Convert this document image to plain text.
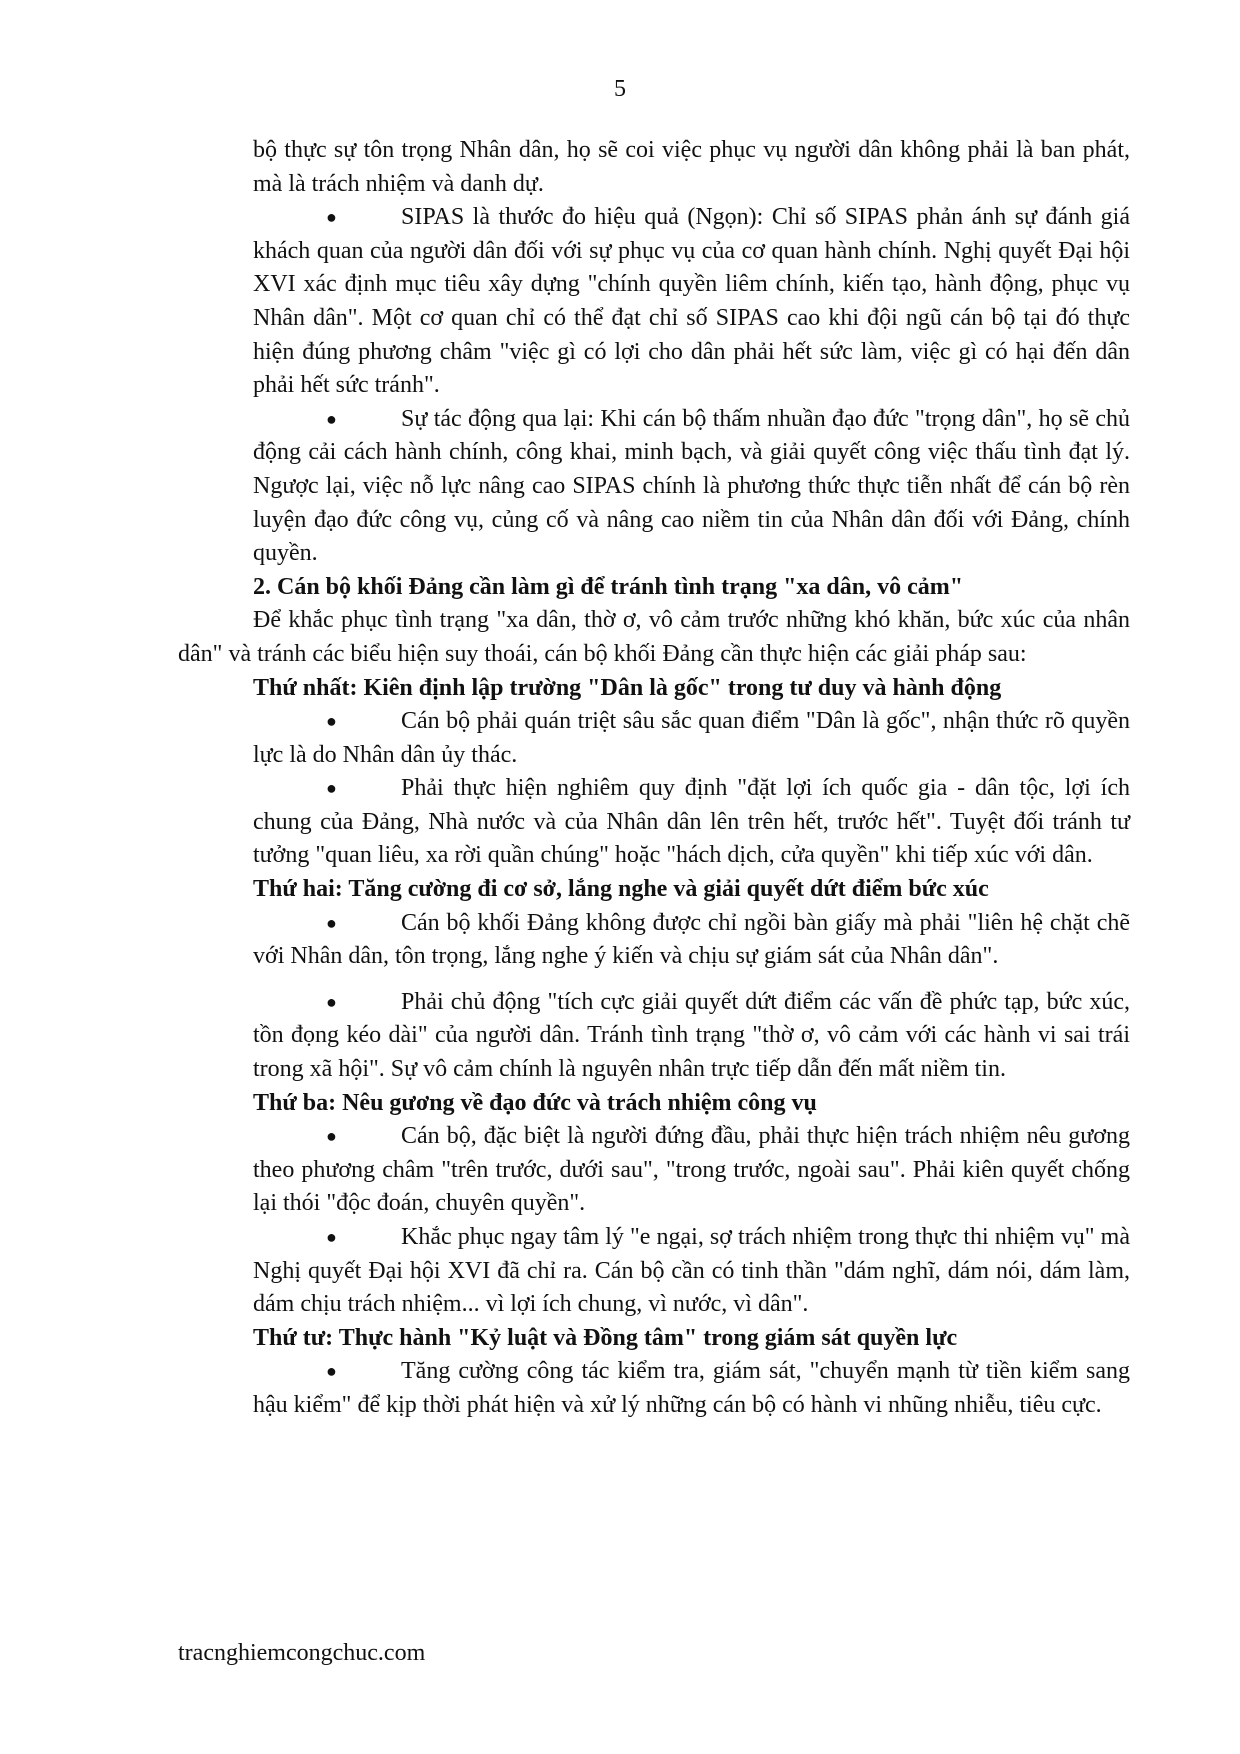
5

bộ thực sự tôn trọng Nhân dân, họ sẽ coi việc phục vụ người dân không phải là ban phát, mà là trách nhiệm và danh dự.

●	SIPAS là thước đo hiệu quả (Ngọn): Chỉ số SIPAS phản ánh sự đánh giá khách quan của người dân đối với sự phục vụ của cơ quan hành chính. Nghị quyết Đại hội XVI xác định mục tiêu xây dựng "chính quyền liêm chính, kiến tạo, hành động, phục vụ Nhân dân". Một cơ quan chỉ có thể đạt chỉ số SIPAS cao khi đội ngũ cán bộ tại đó thực hiện đúng phương châm "việc gì có lợi cho dân phải hết sức làm, việc gì có hại đến dân phải hết sức tránh".
●	Sự tác động qua lại: Khi cán bộ thấm nhuần đạo đức "trọng dân", họ sẽ chủ động cải cách hành chính, công khai, minh bạch, và giải quyết công việc thấu tình đạt lý. Ngược lại, việc nỗ lực nâng cao SIPAS chính là phương thức thực tiễn nhất để cán bộ rèn luyện đạo đức công vụ, củng cố và nâng cao niềm tin của Nhân dân đối với Đảng, chính quyền.

2. Cán bộ khối Đảng cần làm gì để tránh tình trạng "xa dân, vô cảm"

Để khắc phục tình trạng "xa dân, thờ ơ, vô cảm trước những khó khăn, bức xúc của nhân dân" và tránh các biểu hiện suy thoái, cán bộ khối Đảng cần thực hiện các giải pháp sau:

Thứ nhất: Kiên định lập trường "Dân là gốc" trong tư duy và hành động

●	Cán bộ phải quán triệt sâu sắc quan điểm "Dân là gốc", nhận thức rõ quyền lực là do Nhân dân ủy thác.
●	Phải thực hiện nghiêm quy định "đặt lợi ích quốc gia - dân tộc, lợi ích chung của Đảng, Nhà nước và của Nhân dân lên trên hết, trước hết". Tuyệt đối tránh tư tưởng "quan liêu, xa rời quần chúng" hoặc "hách dịch, cửa quyền" khi tiếp xúc với dân.

Thứ hai: Tăng cường đi cơ sở, lắng nghe và giải quyết dứt điểm bức xúc

●	Cán bộ khối Đảng không được chỉ ngồi bàn giấy mà phải "liên hệ chặt chẽ với Nhân dân, tôn trọng, lắng nghe ý kiến và chịu sự giám sát của Nhân dân".
●	Phải chủ động "tích cực giải quyết dứt điểm các vấn đề phức tạp, bức xúc, tồn đọng kéo dài" của người dân. Tránh tình trạng "thờ ơ, vô cảm với các hành vi sai trái trong xã hội". Sự vô cảm chính là nguyên nhân trực tiếp dẫn đến mất niềm tin.

Thứ ba: Nêu gương về đạo đức và trách nhiệm công vụ

●	Cán bộ, đặc biệt là người đứng đầu, phải thực hiện trách nhiệm nêu gương theo phương châm "trên trước, dưới sau", "trong trước, ngoài sau". Phải kiên quyết chống lại thói "độc đoán, chuyên quyền".
●	Khắc phục ngay tâm lý "e ngại, sợ trách nhiệm trong thực thi nhiệm vụ" mà Nghị quyết Đại hội XVI đã chỉ ra. Cán bộ cần có tinh thần "dám nghĩ, dám nói, dám làm, dám chịu trách nhiệm... vì lợi ích chung, vì nước, vì dân".

Thứ tư: Thực hành "Kỷ luật và Đồng tâm" trong giám sát quyền lực

●	Tăng cường công tác kiểm tra, giám sát, "chuyển mạnh từ tiền kiểm sang hậu kiểm" để kịp thời phát hiện và xử lý những cán bộ có hành vi nhũng nhiễu, tiêu cực.
tracnghiemcongchuc.com
